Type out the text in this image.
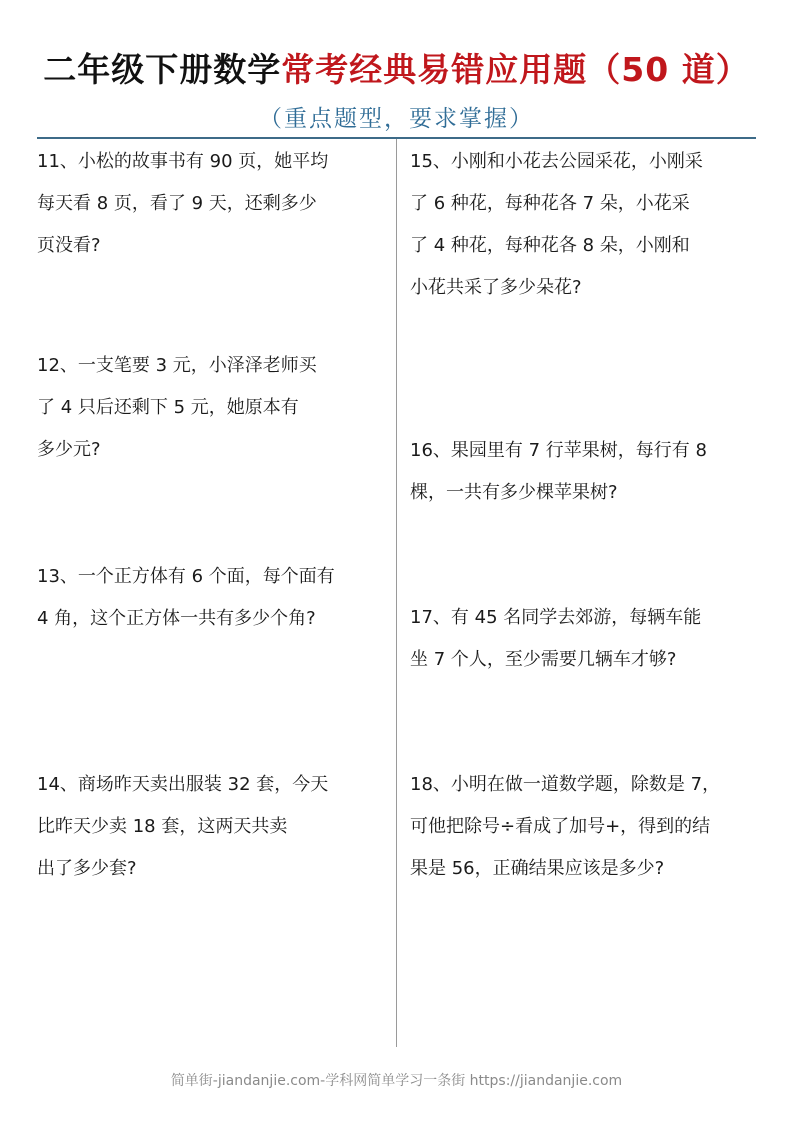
二年级下册数学常考经典易错应用题（50 道）
（重点题型，要求掌握）
11、小松的故事书有 90 页，她平均
每天看 8 页，看了 9 天，还剩多少
页没看?
12、一支笔要 3 元，小泽泽老师买
了 4 只后还剩下 5 元，她原本有
多少元?
13、一个正方体有 6 个面，每个面有
4 角，这个正方体一共有多少个角?
14、商场昨天卖出服装 32 套，今天
比昨天少卖 18 套，这两天共卖
出了多少套?
15、小刚和小花去公园采花，小刚采
了 6 种花，每种花各 7 朵，小花采
了 4 种花，每种花各 8 朵，小刚和
小花共采了多少朵花?
16、果园里有 7 行苹果树，每行有 8
棵，一共有多少棵苹果树?
17、有 45 名同学去郊游，每辆车能
坐 7 个人，至少需要几辆车才够?
18、小明在做一道数学题，除数是 7，
可他把除号÷看成了加号+，得到的结
果是 56，正确结果应该是多少?
简单街-jiandanjie.com-学科网简单学习一条街 https://jiandanjie.com
